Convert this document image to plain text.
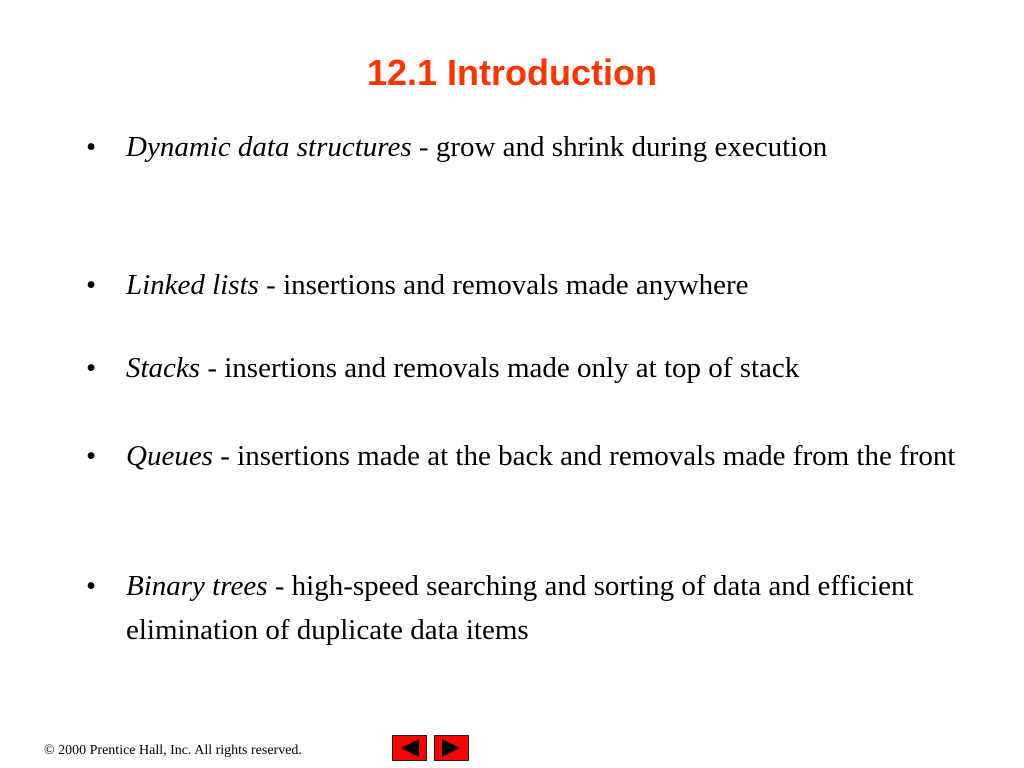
12.1 Introduction
• Dynamic data structures - grow and shrink during execution
• Linked lists - insertions and removals made anywhere
• Stacks - insertions and removals made only at top of stack
• Queues - insertions made at the back and removals made from the front
• Binary trees - high-speed searching and sorting of data and efficient elimination of duplicate data items
© 2000 Prentice Hall, Inc. All rights reserved.
